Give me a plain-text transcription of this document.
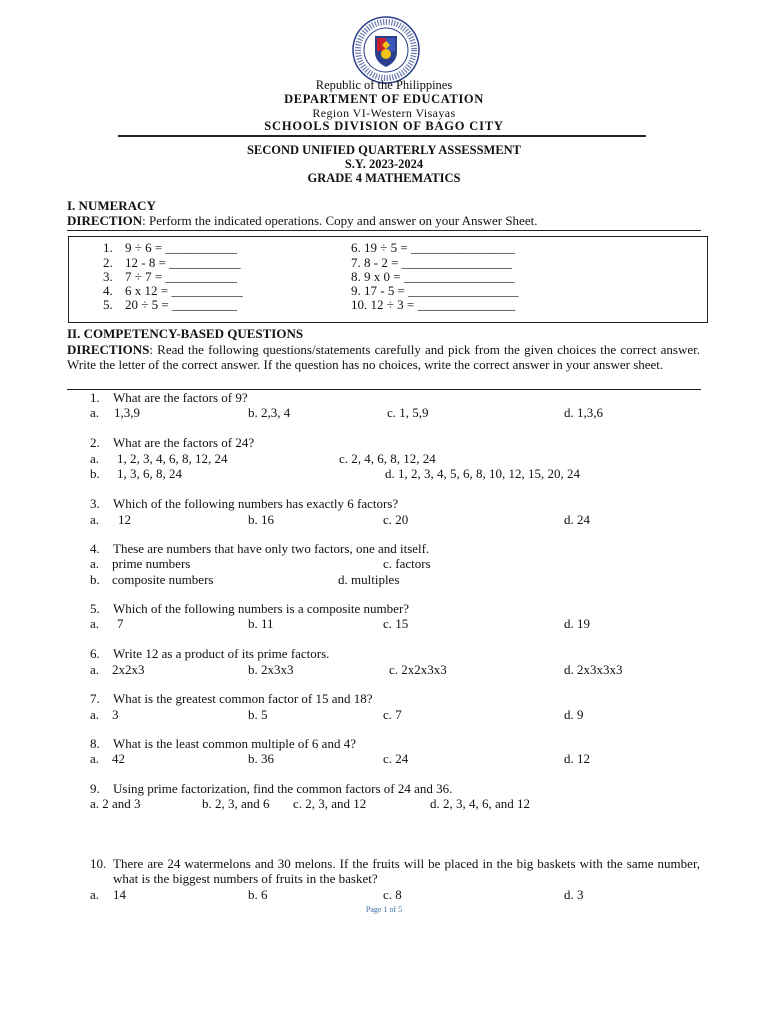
Republic of the Philippines
DEPARTMENT OF EDUCATION
Region VI-Western Visayas
SCHOOLS DIVISION OF BAGO CITY
SECOND UNIFIED QUARTERLY ASSESSMENT
S.Y. 2023-2024
GRADE 4 MATHEMATICS
I. NUMERACY
DIRECTION: Perform the indicated operations. Copy and answer on your Answer Sheet.
1. 9 ÷ 6 = ___________
2. 12 - 8 = ___________
3. 7 ÷ 7 = ___________
4. 6 x 12 = ___________
5. 20 ÷ 5 = __________
6. 19 ÷ 5 = ________________
7. 8 - 2 = _________________
8. 9 x 0 = _________________
9. 17 - 5 = _________________
10. 12 ÷ 3 = _______________
II. COMPETENCY-BASED QUESTIONS
DIRECTIONS: Read the following questions/statements carefully and pick from the given choices the correct answer. Write the letter of the correct answer. If the question has no choices, write the correct answer in your answer sheet.
1. What are the factors of 9?
a. 1,3,9	b. 2,3, 4	c. 1, 5,9	d. 1,3,6
2. What are the factors of 24?
a. 1, 2, 3, 4, 6, 8, 12, 24	c. 2, 4, 6, 8, 12, 24
b. 1, 3, 6, 8, 24	d. 1, 2, 3, 4, 5, 6, 8, 10, 12, 15, 20, 24
3. Which of the following numbers has exactly 6 factors?
a. 12	b. 16	c. 20	d. 24
4. These are numbers that have only two factors, one and itself.
a. prime numbers	c. factors
b. composite numbers	d. multiples
5. Which of the following numbers is a composite number?
a. 7	b. 11	c. 15	d. 19
6. Write 12 as a product of its prime factors.
a. 2x2x3	b. 2x3x3	c. 2x2x3x3	d. 2x3x3x3
7. What is the greatest common factor of 15 and 18?
a. 3	b. 5	c. 7	d. 9
8. What is the least common multiple of 6 and 4?
a. 42	b. 36	c. 24	d. 12
9. Using prime factorization, find the common factors of 24 and 36.
a. 2 and 3	b. 2, 3, and 6 c. 2, 3, and 12	d. 2, 3, 4, 6, and 12
10. There are 24 watermelons and 30 melons. If the fruits will be placed in the big baskets with the same number, what is the biggest numbers of fruits in the basket?
a. 14	b. 6	c. 8	d. 3
Page 1 of 5
